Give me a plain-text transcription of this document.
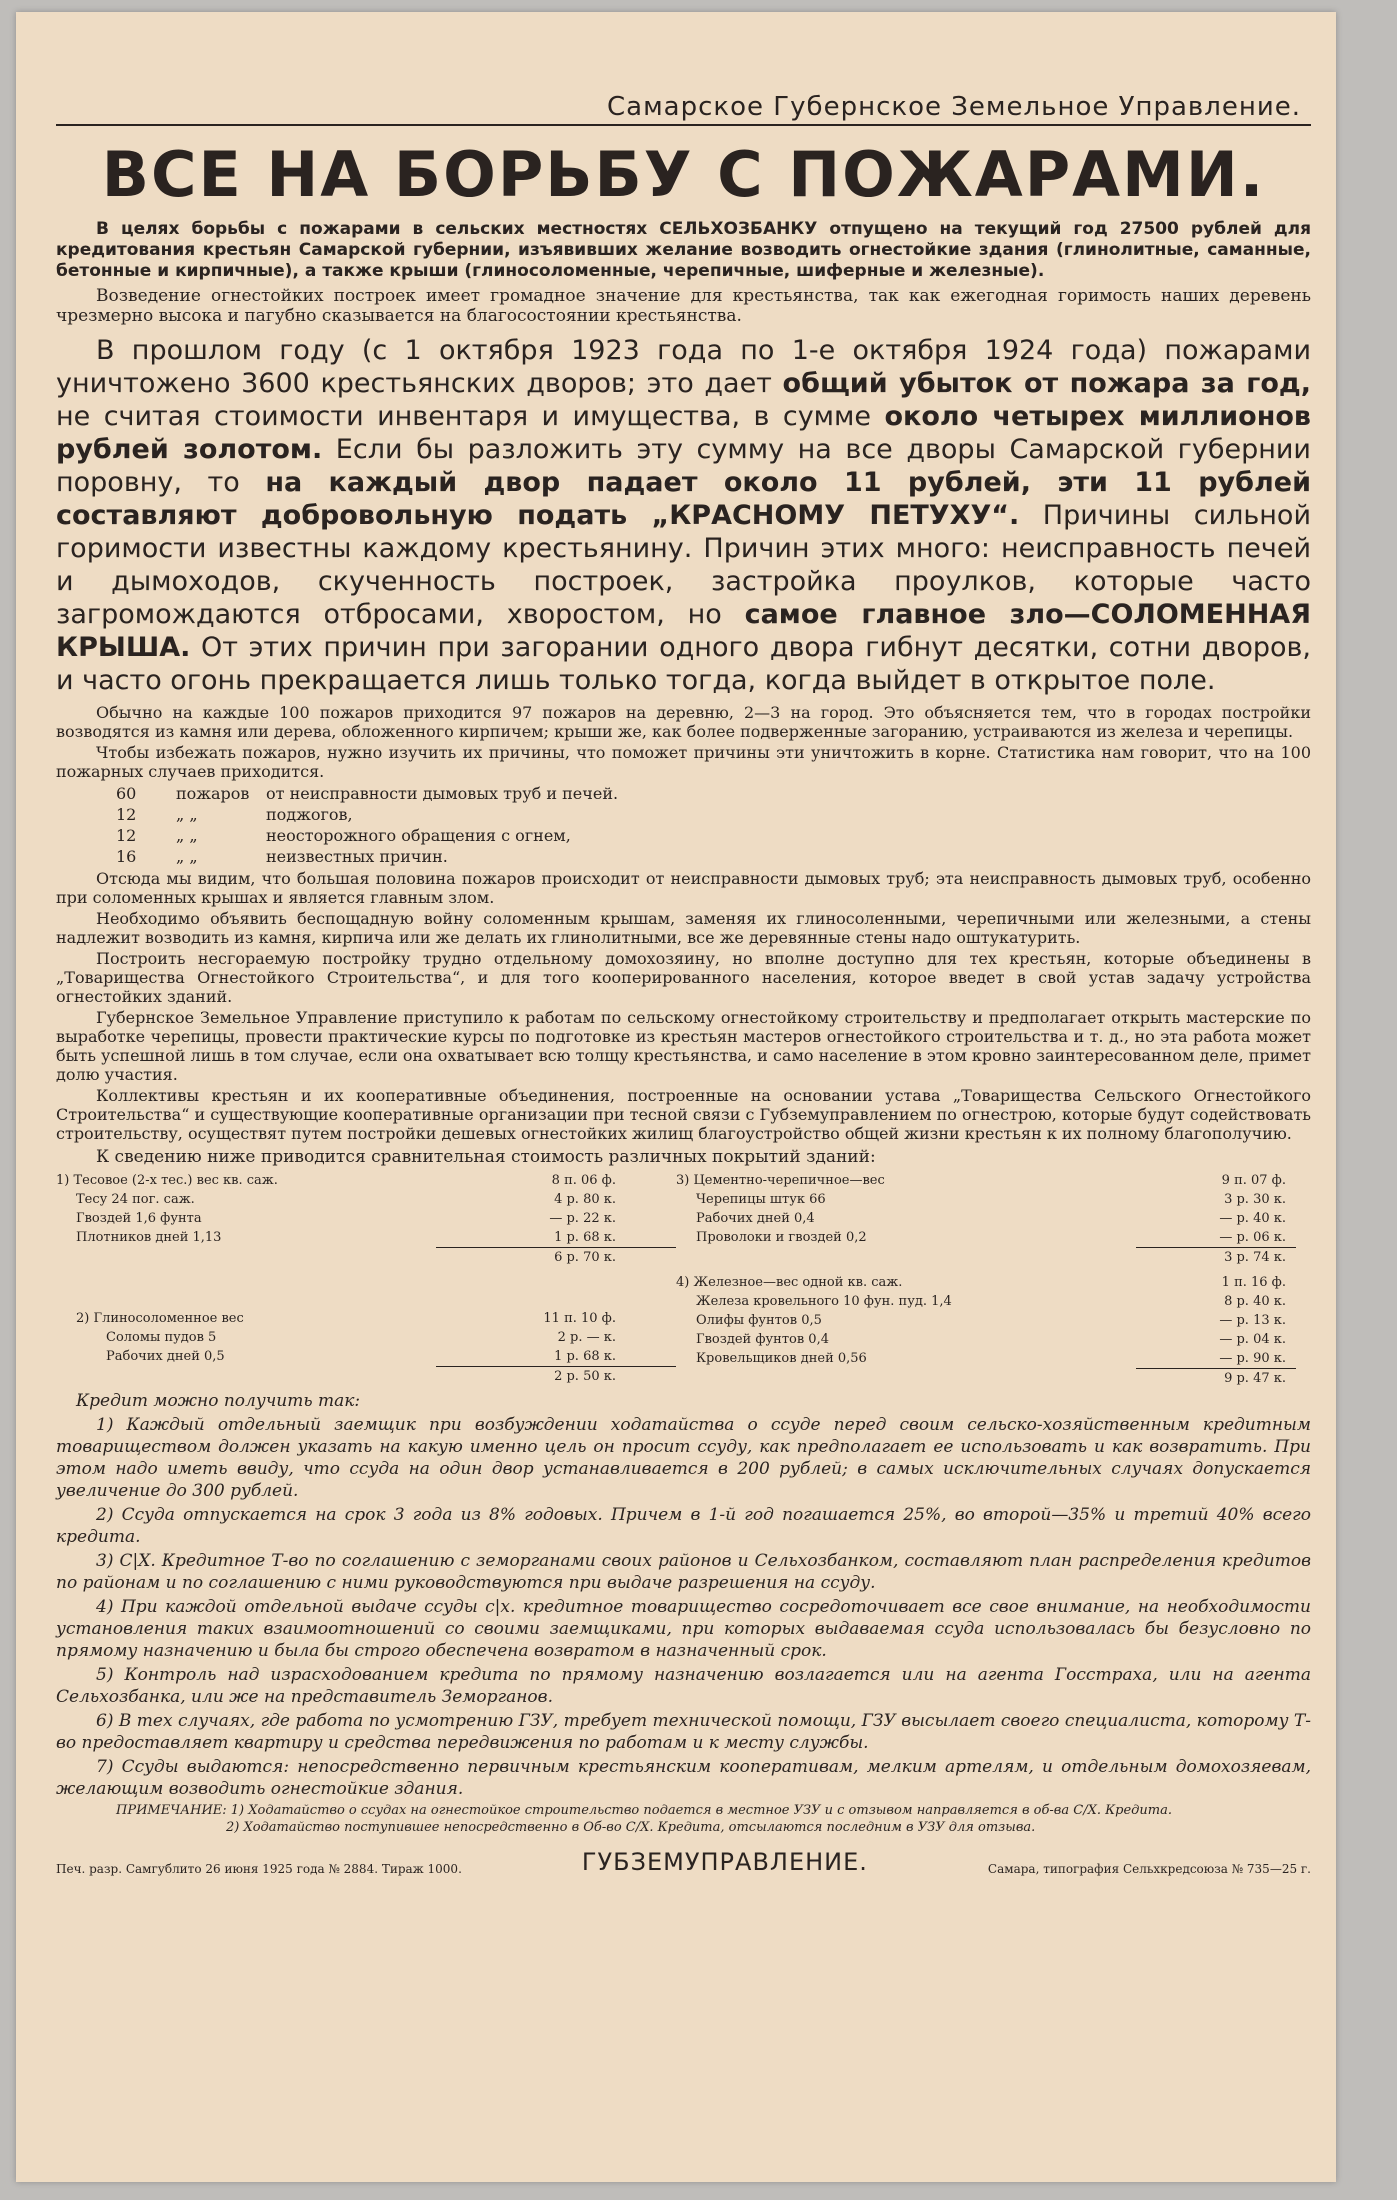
Самарское Губернское Земельное Управление.
ВСЕ НА БОРЬБУ С ПОЖАРАМИ.

В целях борьбы с пожарами в сельских местностях СЕЛЬХОЗБАНКУ отпущено на текущий год 27500 рублей для кредитования крестьян Самарской губернии, изъявивших желание возводить огнестойкие здания (глинолитные, саманные, бетонные и кирпичные), а также крыши (глиносоломенные, черепичные, шиферные и железные).

Возведение огнестойких построек имеет громадное значение для крестьянства, так как ежегодная горимость наших деревень чрезмерно высока и пагубно сказывается на благосостоянии крестьянства.

В прошлом году (с 1 октября 1923 года по 1-е октября 1924 года) пожарами уничтожено 3600 крестьянских дворов; это дает общий убыток от пожара за год, не считая стоимости инвентаря и имущества, в сумме около четырех миллионов рублей золотом. Если бы разложить эту сумму на все дворы Самарской губернии поровну, то на каждый двор падает около 11 рублей, эти 11 рублей составляют добровольную подать „КРАСНОМУ ПЕТУХУ“. Причины сильной горимости известны каждому крестьянину. Причин этих много: неисправность печей и дымоходов, скученность построек, застройка проулков, которые часто загромождаются отбросами, хворостом, но самое главное зло—СОЛОМЕННАЯ КРЫША. От этих причин при загорании одного двора гибнут десятки, сотни дворов, и часто огонь прекращается лишь только тогда, когда выйдет в открытое поле.

Обычно на каждые 100 пожаров приходится 97 пожаров на деревню, 2—3 на город. Это объясняется тем, что в городах постройки возводятся из камня или дерева, обложенного кирпичем; крыши же, как более подверженные загоранию, устраиваются из железа и черепицы.

Чтобы избежать пожаров, нужно изучить их причины, что поможет причины эти уничтожить в корне. Статистика нам говорит, что на 100 пожарных случаев приходится.

60	пожаров	от неисправности дымовых труб и печей.
12	„ „	поджогов,
12	„ „	неосторожного обращения с огнем,
16	„ „	неизвестных причин.

Отсюда мы видим, что большая половина пожаров происходит от неисправности дымовых труб; эта неисправность дымовых труб, особенно при соломенных крышах и является главным злом.

Необходимо объявить беспощадную войну соломенным крышам, заменяя их глиносоленными, черепичными или железными, а стены надлежит возводить из камня, кирпича или же делать их глинолитными, все же деревянные стены надо оштукатурить.

Построить несгораемую постройку трудно отдельному домохозяину, но вполне доступно для тех крестьян, которые объединены в „Товарищества Огнестойкого Строительства“, и для того кооперированного населения, которое введет в свой устав задачу устройства огнестойких зданий.

Губернское Земельное Управление приступило к работам по сельскому огнестойкому строительству и предполагает открыть мастерские по выработке черепицы, провести практические курсы по подготовке из крестьян мастеров огнестойкого строительства и т. д., но эта работа может быть успешной лишь в том случае, если она охватывает всю толщу крестьянства, и само население в этом кровно заинтересованном деле, примет долю участия.

Коллективы крестьян и их кооперативные объединения, построенные на основании устава „Товарищества Сельского Огнестойкого Строительства“ и существующие кооперативные организации при тесной связи с Губземуправлением по огнестрою, которые будут содействовать строительству, осуществят путем постройки дешевых огнестойких жилищ благоустройство общей жизни крестьян к их полному благополучию.

К сведению ниже приводится сравнительная стоимость различных покрытий зданий:
1) Тесовое (2-х тес.) вес кв. саж.	8 п. 06 ф.
Тесу 24 пог. саж.	4 р. 80 к.
Гвоздей 1,6 фунта	— р. 22 к.
Плотников дней 1,13	1 р. 68 к.
6 р. 70 к.
2) Глиносоломенное вес	11 п. 10 ф.
Соломы пудов 5	2 р. — к.
Рабочих дней 0,5	1 р. 68 к.
2 р. 50 к.
3) Цементно-черепичное—вес	9 п. 07 ф.
Черепицы штук 66	3 р. 30 к.
Рабочих дней 0,4	— р. 40 к.
Проволоки и гвоздей 0,2	— р. 06 к.
3 р. 74 к.
4) Железное—вес одной кв. саж.	1 п. 16 ф.
Железа кровельного 10 фун. пуд. 1,4	8 р. 40 к.
Олифы фунтов 0,5	— р. 13 к.
Гвоздей фунтов 0,4	— р. 04 к.
Кровельщиков дней 0,56	— р. 90 к.
9 р. 47 к.
Кредит можно получить так:

1) Каждый отдельный заемщик при возбуждении ходатайства о ссуде перед своим сельско-хозяйственным кредитным товариществом должен указать на какую именно цель он просит ссуду, как предполагает ее использовать и как возвратить. При этом надо иметь ввиду, что ссуда на один двор устанавливается в 200 рублей; в самых исключительных случаях допускается увеличение до 300 рублей.

2) Ссуда отпускается на срок 3 года из 8% годовых. Причем в 1-й год погашается 25%, во второй—35% и третий 40% всего кредита.

3) С|Х. Кредитное Т-во по соглашению с земорганами своих районов и Сельхозбанком, составляют план распределения кредитов по районам и по соглашению с ними руководствуются при выдаче разрешения на ссуду.

4) При каждой отдельной выдаче ссуды с|х. кредитное товарищество сосредоточивает все свое внимание, на необходимости установления таких взаимоотношений со своими заемщиками, при которых выдаваемая ссуда использовалась бы безусловно по прямому назначению и была бы строго обеспечена возвратом в назначенный срок.

5) Контроль над израсходованием кредита по прямому назначению возлагается или на агента Госстраха, или на агента Сельхозбанка, или же на представитель Земорганов.

6) В тех случаях, где работа по усмотрению ГЗУ, требует технической помощи, ГЗУ высылает своего специалиста, которому Т-во предоставляет квартиру и средства передвижения по работам и к месту службы.

7) Ссуды выдаются: непосредственно первичным крестьянским кооперативам, мелким артелям, и отдельным домохозяевам, желающим возводить огнестойкие здания.

ПРИМЕЧАНИЕ: 1) Ходатайство о ссудах на огнестойкое строительство подается в местное УЗУ и с отзывом направляется в об-ва С/Х. Кредита.
2) Ходатайство поступившее непосредственно в Об-во С/Х. Кредита, отсылаются последним в УЗУ для отзыва.
Печ. разр. Самгублито 26 июня 1925 года № 2884. Тираж 1000.	ГУБЗЕМУПРАВЛЕНИЕ.	Самара, типография Сельхкредсоюза № 735—25 г.
